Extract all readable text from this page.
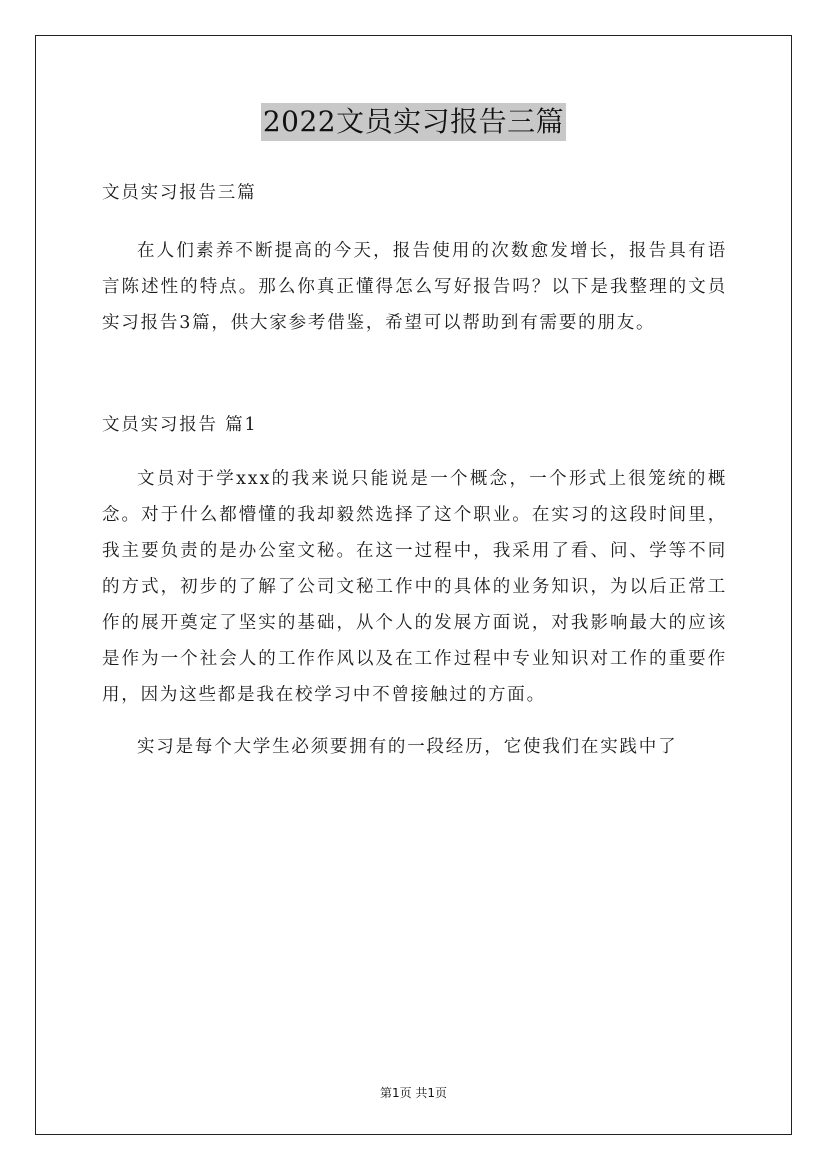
2022文员实习报告三篇

文员实习报告三篇

在人们素养不断提高的今天，报告使用的次数愈发增长，报告具有语言陈述性的特点。那么你真正懂得怎么写好报告吗？以下是我整理的文员实习报告3篇，供大家参考借鉴，希望可以帮助到有需要的朋友。

文员实习报告 篇1

文员对于学xxx的我来说只能说是一个概念，一个形式上很笼统的概念。对于什么都懵懂的我却毅然选择了这个职业。在实习的这段时间里，我主要负责的是办公室文秘。在这一过程中，我采用了看、问、学等不同的方式，初步的了解了公司文秘工作中的具体的业务知识，为以后正常工作的展开奠定了坚实的基础，从个人的发展方面说，对我影响最大的应该是作为一个社会人的工作作风以及在工作过程中专业知识对工作的重要作用，因为这些都是我在校学习中不曾接触过的方面。

实习是每个大学生必须要拥有的一段经历，它使我们在实践中了

第1页 共1页
